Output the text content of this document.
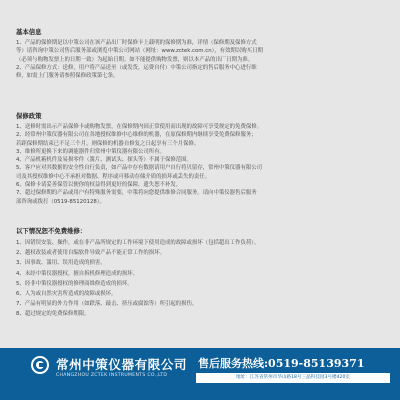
基本信息
1、产品的保修期是以中策公司在该产品出厂时保修卡上载明的保修期为准，详情（保修期及保修方式
等）请咨询中策公司售后服务部或浏览中策公司网站（网址：www.zctek.com.cn），有效期以购买日期
（必须与购物发票上的日期一致）为起始日期。如不能提供购物发票，则以本产品的出厂日期为准。
2、产品保修方式：送修，用户将产品送至（或发货，运费自付）中策公司指定的售后服务中心进行维
修，如需上门服务请参照保修政策第七条。
保修政策
1、送修时需出示产品保修卡或购物发票，在保修期内因正常使用而出现的故障可享受规定的免费保修。
2、经常州中策仪器有限公司在各地授权维修中心维修的机器，在原保修期内继续享受免费保修服务；
若距保修期结束已不足三个月，则保修的机器自修复之日起享有三个月保修。
3、维修所更换下来的调能器件归常州中策仪器有限公司所有。
4、产品机箱机件及易损零件（簧片、测试头、探头等）不属于保修范围。
5、客户应对其数据的安全性自行负责，如产品中存有数据请用户自行将贝留存，常州中策仪器有限公司
司及其授权维修中心不承担对数据、程序或可移动存储介质的损坏或丢失的责任。
6、保修卡请妥善保管以便你的权益得到更好的保障，遗失恕不补发。
7、超过保修期的产品或用户有特殊服务需要，中策将向您提供维修合同服务。请向中策仪器售后服务
部咨询或拨打（0519-85120128）。
以下情况恕不免费维修：
1、因错误安装、操作，或在非产品所规定的工作环境下使用造成的故障或损坏（包括超出工作负荷）。
2、越权改装或者使用自编软件导致产品不能正常工作的损坏。
3、因事故、滥用、误用造成的损害。
4、未经中策仪器授权，擅自拆机修理造成的损坏。
5、经非中策仪器授权的修理商维修造成的损坏。
6、人为或自然灾害所造成的故障或损坏。
7、产品有明显的外力作用（如跌落、敲击、挤压或腐蚀等）所引起的损伤。
8、超过规定的免费保修期限。
常州中策仪器有限公司
CHANGZHOU ZCTEK INSTRUMENTS CO.,LTD
售后服务热线:0519-85139371
地址：江苏省常州市华山路18号三晶科技园3号楼420室
